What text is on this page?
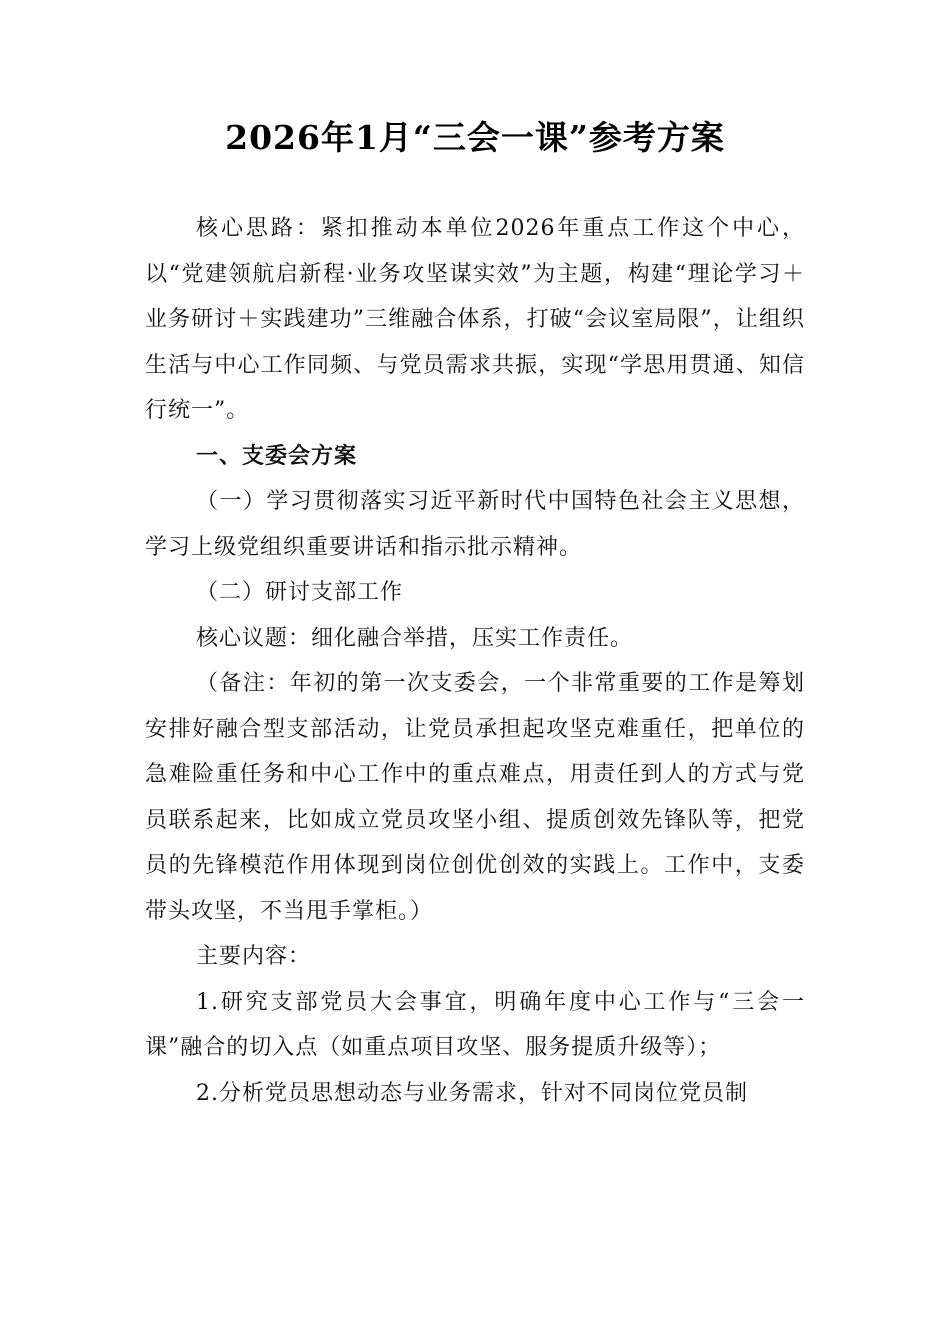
2026年1月“三会一课”参考方案

核心思路：紧扣推动本单位2026年重点工作这个中心，以“党建领航启新程·业务攻坚谋实效”为主题，构建“理论学习＋业务研讨＋实践建功”三维融合体系，打破“会议室局限”，让组织生活与中心工作同频、与党员需求共振，实现“学思用贯通、知信行统一”。

一、支委会方案

（一）学习贯彻落实习近平新时代中国特色社会主义思想，学习上级党组织重要讲话和指示批示精神。

（二）研讨支部工作

核心议题：细化融合举措，压实工作责任。

（备注：年初的第一次支委会，一个非常重要的工作是筹划安排好融合型支部活动，让党员承担起攻坚克难重任，把单位的急难险重任务和中心工作中的重点难点，用责任到人的方式与党员联系起来，比如成立党员攻坚小组、提质创效先锋队等，把党员的先锋模范作用体现到岗位创优创效的实践上。工作中，支委带头攻坚，不当甩手掌柜。）

主要内容：

1.研究支部党员大会事宜，明确年度中心工作与“三会一课”融合的切入点（如重点项目攻坚、服务提质升级等）；

2.分析党员思想动态与业务需求，针对不同岗位党员制
